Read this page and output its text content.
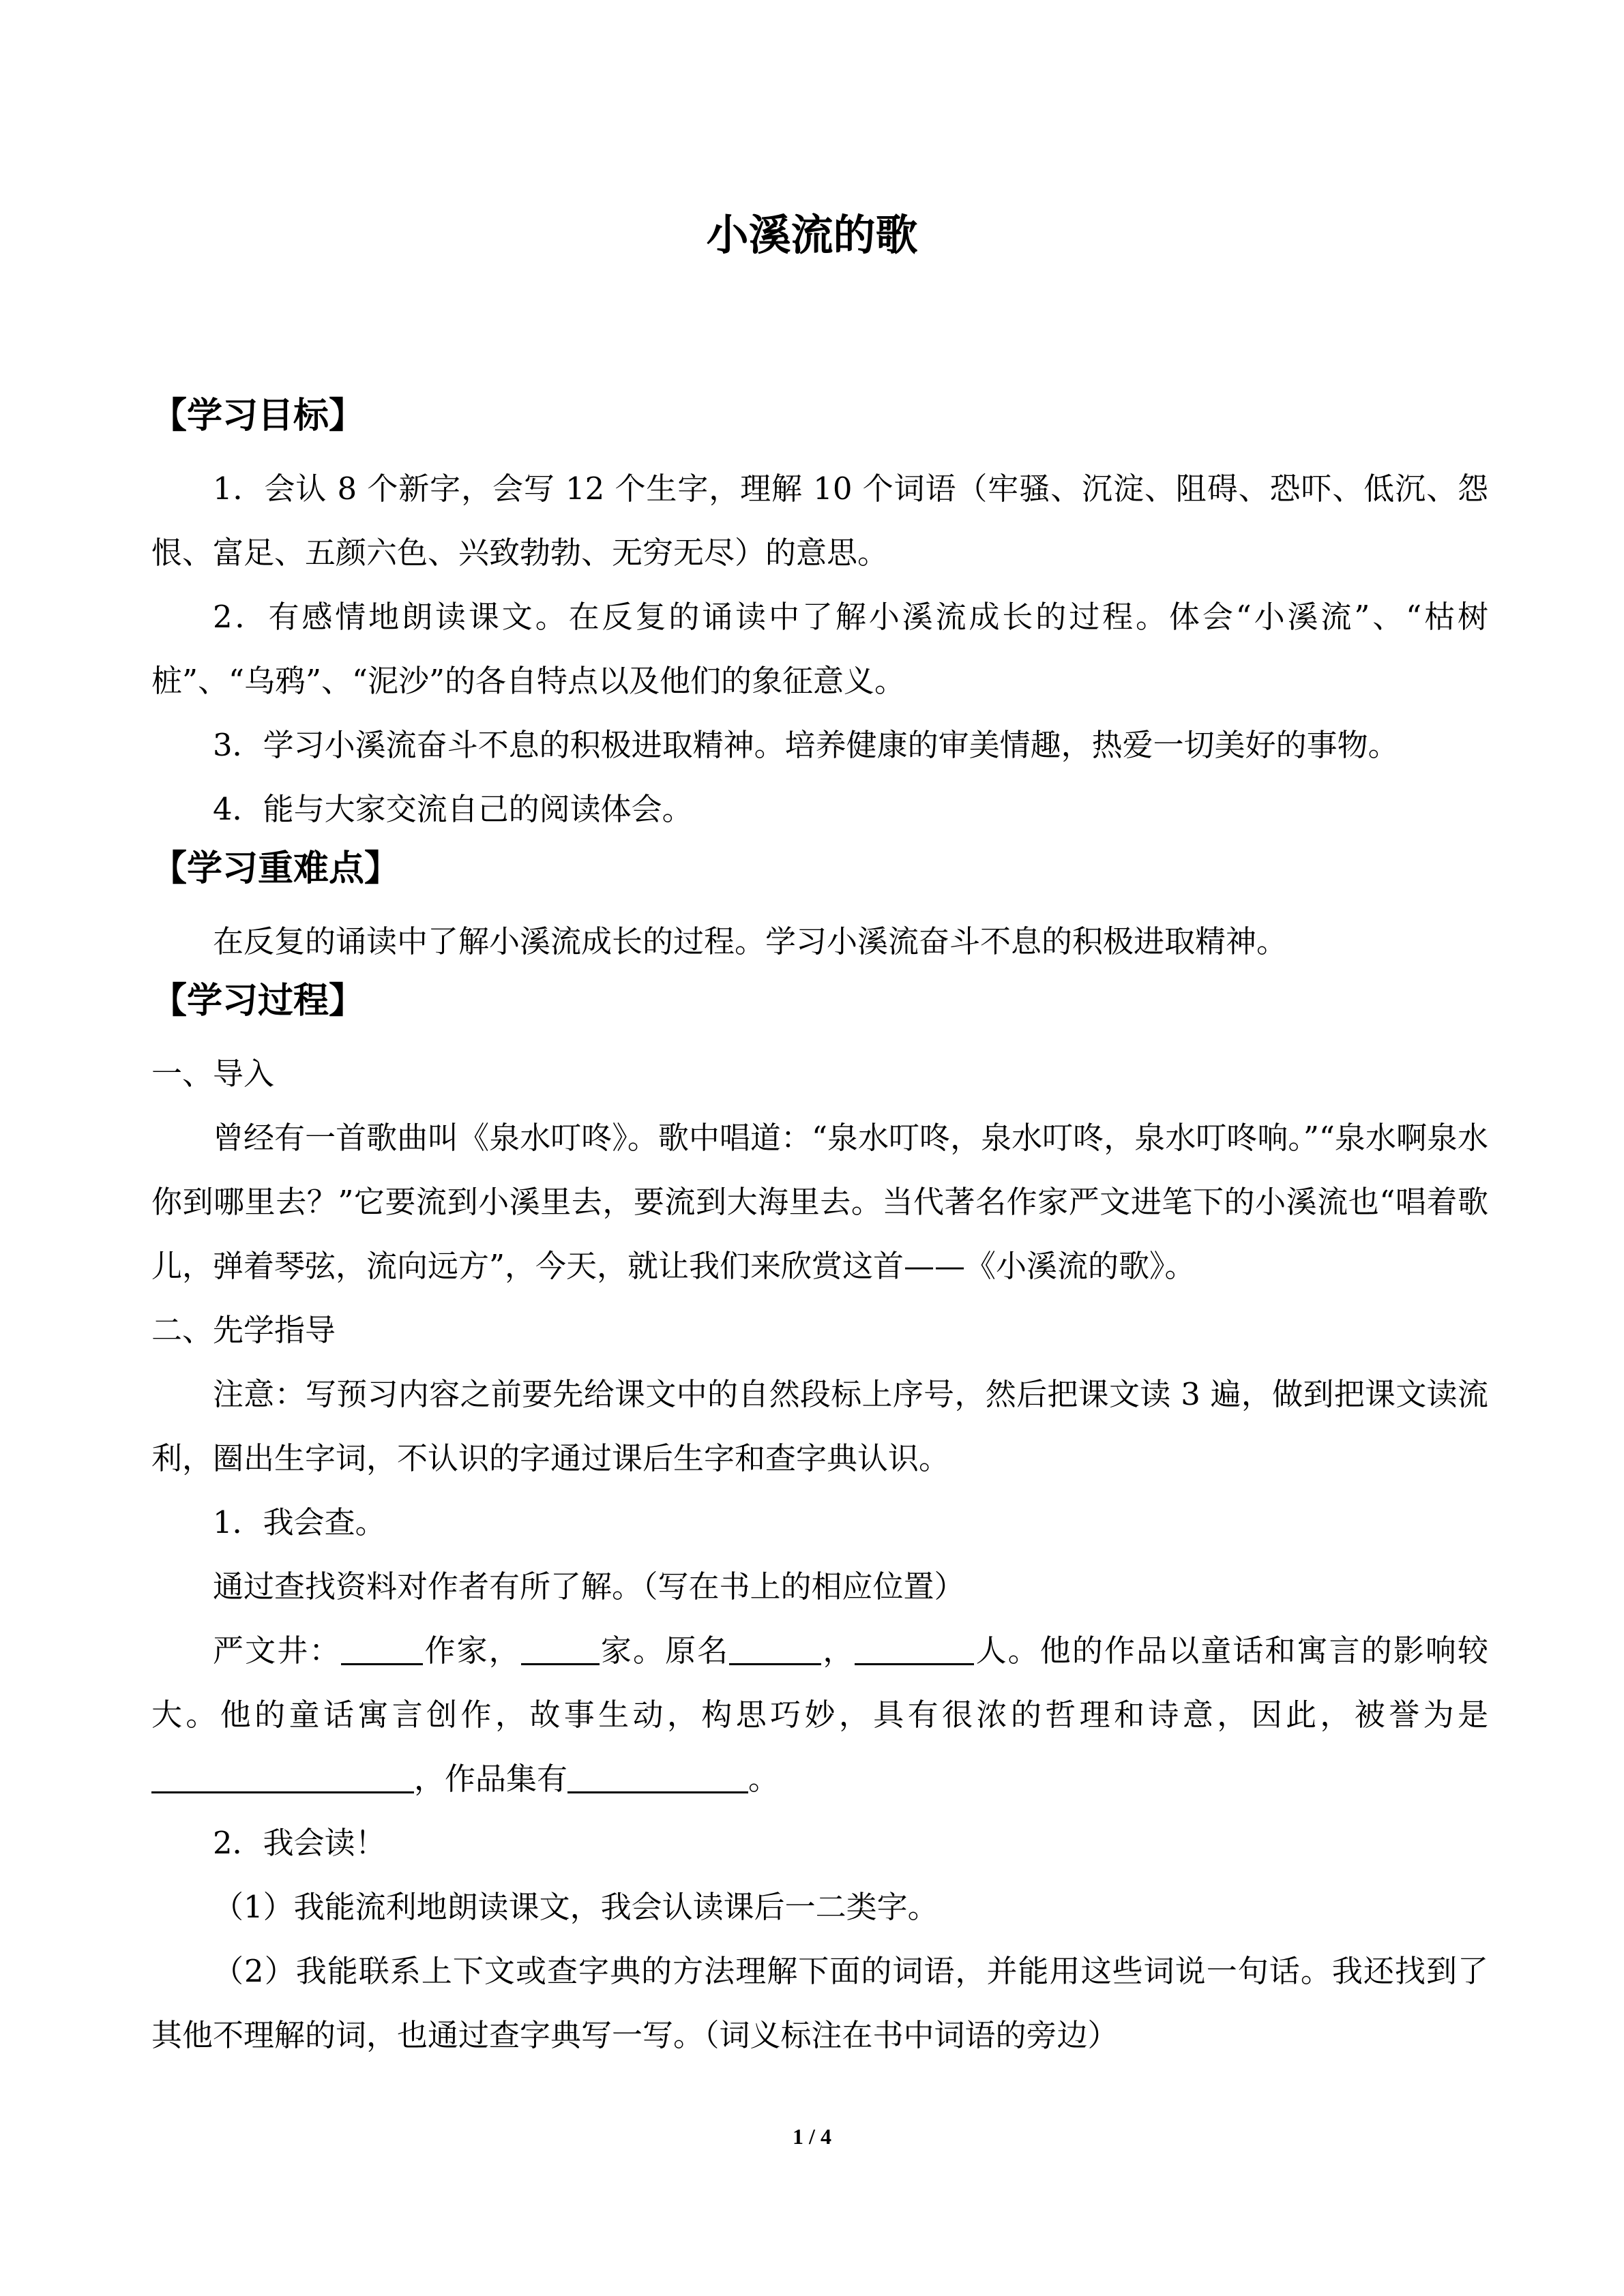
小溪流的歌
【学习目标】

1．会认 8 个新字，会写 12 个生字，理解 10 个词语（牢骚、沉淀、阻碍、恐吓、低沉、怨恨、富足、五颜六色、兴致勃勃、无穷无尽）的意思。

2．有感情地朗读课文。在反复的诵读中了解小溪流成长的过程。体会“小溪流”、“枯树桩”、“乌鸦”、“泥沙”的各自特点以及他们的象征意义。

3．学习小溪流奋斗不息的积极进取精神。培养健康的审美情趣，热爱一切美好的事物。

4．能与大家交流自己的阅读体会。

【学习重难点】

在反复的诵读中了解小溪流成长的过程。学习小溪流奋斗不息的积极进取精神。

【学习过程】

一、导入

曾经有一首歌曲叫《泉水叮咚》。歌中唱道：“泉水叮咚，泉水叮咚，泉水叮咚响。”“泉水啊泉水你到哪里去？”它要流到小溪里去，要流到大海里去。当代著名作家严文进笔下的小溪流也“唱着歌儿，弹着琴弦，流向远方”，今天，就让我们来欣赏这首——《小溪流的歌》。

二、先学指导

注意：写预习内容之前要先给课文中的自然段标上序号，然后把课文读 3 遍，做到把课文读流利，圈出生字词，不认识的字通过课后生字和查字典认识。

1．我会查。

通过查找资料对作者有所了解。（写在书上的相应位置）

严文井：	作家，	家。原名	，	人。他的作品以童话和寓言的影响较大。他的童话寓言创作，故事生动，构思巧妙，具有很浓的哲理和诗意，因此，被誉为是，作品集有	。

2．我会读！

（1）我能流利地朗读课文，我会认读课后一二类字。

（2）我能联系上下文或查字典的方法理解下面的词语，并能用这些词说一句话。我还找到了其他不理解的词，也通过查字典写一写。（词义标注在书中词语的旁边）

1 / 4
